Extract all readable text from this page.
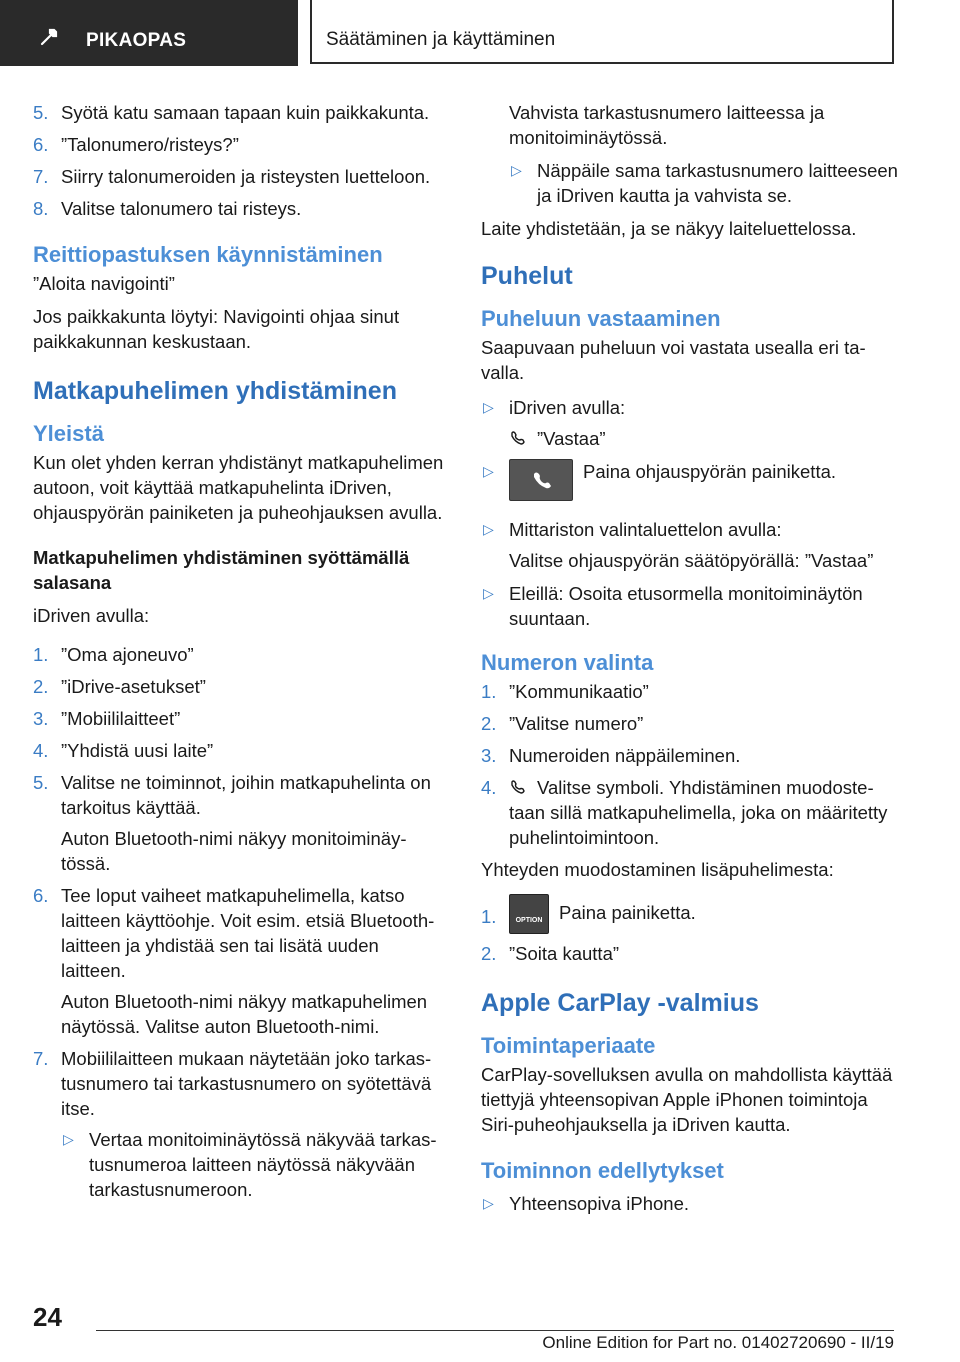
PIKAOPAS	Säätäminen ja käyttäminen
5. Syötä katu samaan tapaan kuin paikkakunta.
6. ”Talonumero/risteys?”
7. Siirry talonumeroiden ja risteysten luetteloon.
8. Valitse talonumero tai risteys.
Reittiopastuksen käynnistäminen

”Aloita navigointi”

Jos paikkakunta löytyi: Navigointi ohjaa sinut paikkakunnan keskustaan.

Matkapuhelimen yhdistäminen
Yleistä

Kun olet yhden kerran yhdistänyt matkapuhelimen autoon, voit käyttää matkapuhelinta iDriven, ohjauspyörän painiketen ja puheohjauksen avulla.

Matkapuhelimen yhdistäminen syöttämällä salasana

iDriven avulla:

1. ”Oma ajoneuvo”
2. ”iDrive-asetukset”
3. ”Mobiililaitteet”
4. ”Yhdistä uusi laite”
5. Valitse ne toiminnot, joihin matkapuhelinta on tarkoitus käyttää.
Auton Bluetooth-nimi näkyy monitoiminäytössä.
6. Tee loput vaiheet matkapuhelimella, katso laitteen käyttöohje. Voit esim. etsiä Bluetooth-laitteen ja yhdistää sen tai lisätä uuden laitteen.
Auton Bluetooth-nimi näkyy matkapuhelimen näytössä. Valitse auton Bluetooth-nimi.
7. Mobiililaitteen mukaan näytetään joko tarkastusnumero tai tarkastusnumero on syötettävä itse.
▷ Vertaa monitoiminäytössä näkyvää tarkastusnumeroa laitteen näytössä näkyvään tarkastusnumeroon.

Vahvista tarkastusnumero laitteessa ja monitoiminäytössä.

▷ Näppäile sama tarkastusnumero laitteeseen ja iDriven kautta ja vahvista se.

Laite yhdistetään, ja se näkyy laiteluettelossa.

Puhelut
Puheluun vastaaminen

Saapuvaan puheluun voi vastata usealla eri tavalla.

▷ iDriven avulla:
”Vastaa”
▷	Paina ohjauspyörän painiketta.
▷ Mittariston valintaluettelon avulla:
Valitse ohjauspyörän säätöpyörällä: ”Vastaa”
▷ Eleillä: Osoita etusormella monitoiminäytön suuntaan.
Numeron valinta
1. ”Kommunikaatio”
2. ”Valitse numero”
3. Numeroiden näppäileminen.
4. Valitse symboli. Yhdistäminen muodostetaan sillä matkapuhelimella, joka on määritetty puhelintoimintoon.

Yhteyden muodostaminen lisäpuhelimesta:

1.	OPTION Paina painiketta.
2. ”Soita kautta”
Apple CarPlay -valmius
Toimintaperiaate

CarPlay-sovelluksen avulla on mahdollista käyttää tiettyjä yhteensopivan Apple iPhonen toimintoja Siri-puheohjauksella ja iDriven kautta.

Toiminnon edellytykset
▷ Yhteensopiva iPhone.
24
Online Edition for Part no. 01402720690 - II/19
